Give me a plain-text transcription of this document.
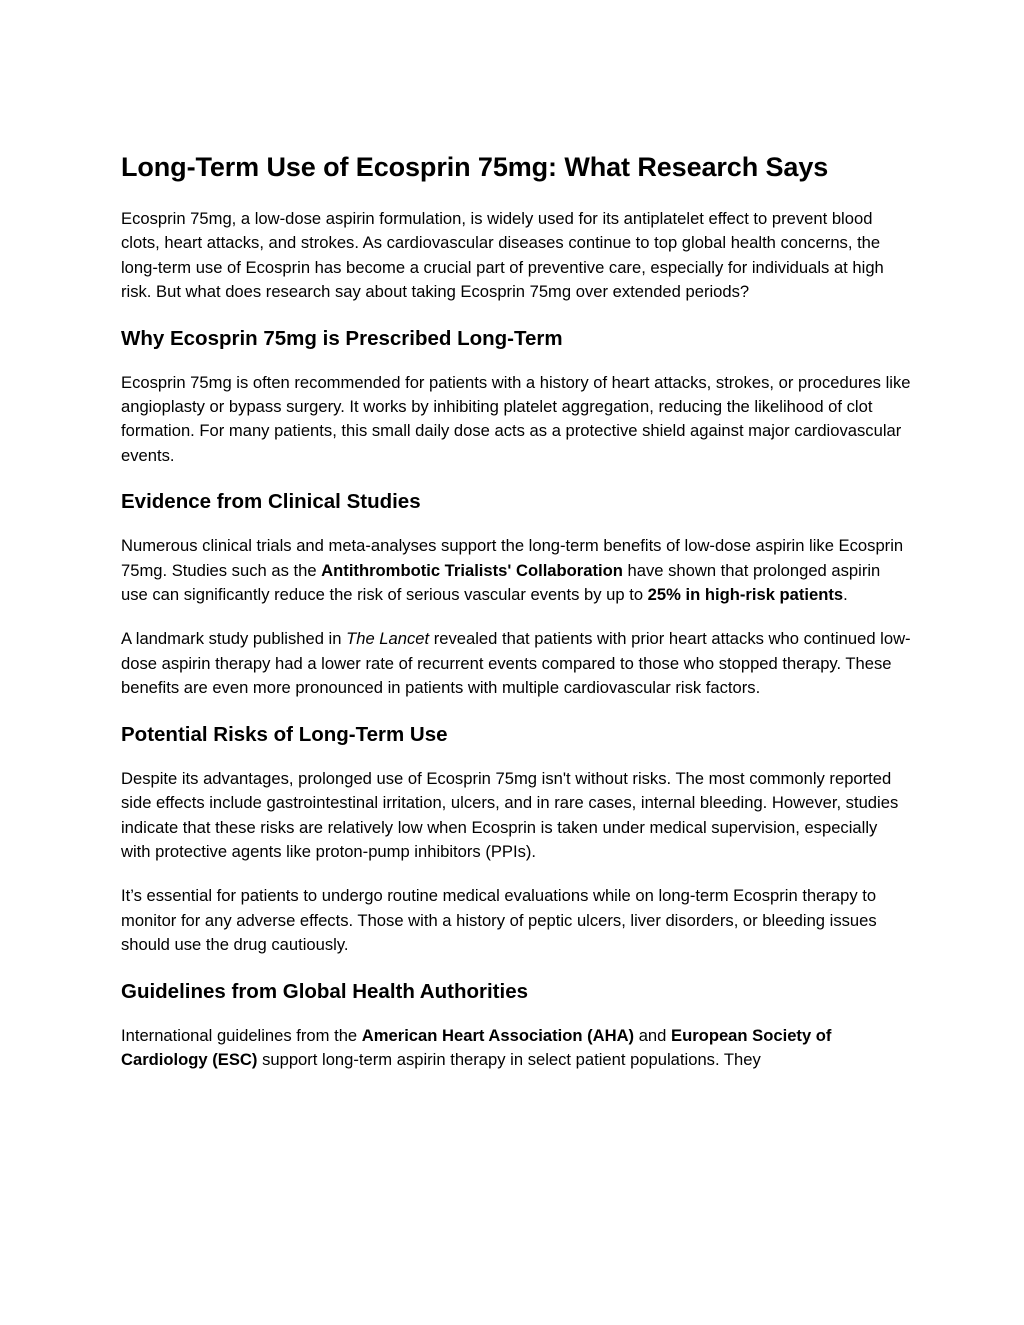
Long-Term Use of Ecosprin 75mg: What Research Says

Ecosprin 75mg, a low-dose aspirin formulation, is widely used for its antiplatelet effect to prevent blood clots, heart attacks, and strokes. As cardiovascular diseases continue to top global health concerns, the long-term use of Ecosprin has become a crucial part of preventive care, especially for individuals at high risk. But what does research say about taking Ecosprin 75mg over extended periods?

Why Ecosprin 75mg is Prescribed Long-Term

Ecosprin 75mg is often recommended for patients with a history of heart attacks, strokes, or procedures like angioplasty or bypass surgery. It works by inhibiting platelet aggregation, reducing the likelihood of clot formation. For many patients, this small daily dose acts as a protective shield against major cardiovascular events.

Evidence from Clinical Studies

Numerous clinical trials and meta-analyses support the long-term benefits of low-dose aspirin like Ecosprin 75mg. Studies such as the Antithrombotic Trialists' Collaboration have shown that prolonged aspirin use can significantly reduce the risk of serious vascular events by up to 25% in high-risk patients.

A landmark study published in The Lancet revealed that patients with prior heart attacks who continued low-dose aspirin therapy had a lower rate of recurrent events compared to those who stopped therapy. These benefits are even more pronounced in patients with multiple cardiovascular risk factors.

Potential Risks of Long-Term Use

Despite its advantages, prolonged use of Ecosprin 75mg isn't without risks. The most commonly reported side effects include gastrointestinal irritation, ulcers, and in rare cases, internal bleeding. However, studies indicate that these risks are relatively low when Ecosprin is taken under medical supervision, especially with protective agents like proton-pump inhibitors (PPIs).

It’s essential for patients to undergo routine medical evaluations while on long-term Ecosprin therapy to monitor for any adverse effects. Those with a history of peptic ulcers, liver disorders, or bleeding issues should use the drug cautiously.

Guidelines from Global Health Authorities

International guidelines from the American Heart Association (AHA) and European Society of Cardiology (ESC) support long-term aspirin therapy in select patient populations. They
